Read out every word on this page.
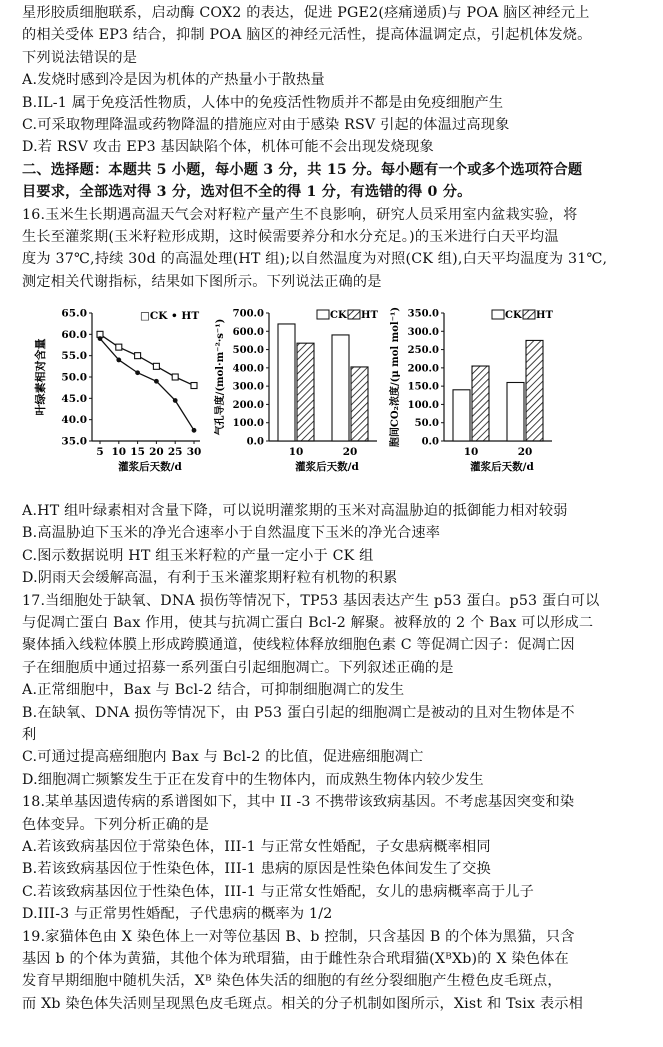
星形胶质细胞联系，启动酶 COX2 的表达，促进 PGE2(痉痛递质)与 POA 脑区神经元上
的相关受体 EP3 结合，抑制 POA 脑区的神经元活性，提高体温调定点，引起机体发烧。
下列说法错误的是
A.发烧时感到冷是因为机体的产热量小于散热量
B.IL-1 属于免疫活性物质，人体中的免疫活性物质并不都是由免疫细胞产生
C.可采取物理降温或药物降温的措施应对由于感染 RSV 引起的体温过高现象
D.若 RSV 攻击 EP3 基因缺陷个体，机体可能不会出现发烧现象
二、选择题：本题共 5 小题，每小题 3 分，共 15 分。每小题有一个或多个选项符合题
目要求，全部选对得 3 分，选对但不全的得 1 分，有选错的得 0 分。
16.玉米生长期遇高温天气会对籽粒产量产生不良影响，研究人员采用室内盆栽实验，将
生长至灌浆期(玉米籽粒形成期，这时候需要养分和水分充足。)的玉米进行白天平均温
度为 37℃,持续 30d 的高温处理(HT 组);以自然温度为对照(CK 组),白天平均温度为 31℃,
测定相关代谢指标，结果如下图所示。下列说法正确的是
35.0
40.0
45.0
50.0
55.0
60.0
65.0
5 10 15 20 25 30
灌浆后天数/d
叶绿素相对含量
□CK • HT
0.0
100.0
200.0
300.0
400.0
500.0
600.0
700.0
10	20
灌浆后天数/d
气孔导度/(mol·m⁻²·s⁻¹)
CK HT
0.0
50.0
100.0
150.0
200.0
250.0
300.0
350.0
10	20
灌浆后天数/d
胞间CO₂浓度/(μ mol mol⁻¹)	CK HT
A.HT 组叶绿素相对含量下降，可以说明灌浆期的玉米对高温胁迫的抵御能力相对较弱
B.高温胁迫下玉米的净光合速率小于自然温度下玉米的净光合速率
C.图示数据说明 HT 组玉米籽粒的产量一定小于 CK 组
D.阴雨天会缓解高温，有利于玉米灌浆期籽粒有机物的积累
17.当细胞处于缺氧、DNA 损伤等情况下，TP53 基因表达产生 p53 蛋白。p53 蛋白可以
与促凋亡蛋白 Bax 作用，使其与抗凋亡蛋白 Bcl-2 解聚。被释放的 2 个 Bax 可以形成二
聚体插入线粒体膜上形成跨膜通道，使线粒体释放细胞色素 C 等促凋亡因子：促凋亡因
子在细胞质中通过招募一系列蛋白引起细胞凋亡。下列叙述正确的是
A.正常细胞中，Bax 与 Bcl-2 结合，可抑制细胞凋亡的发生
B.在缺氧、DNA 损伤等情况下，由 P53 蛋白引起的细胞凋亡是被动的且对生物体是不
利
C.可通过提高癌细胞内 Bax 与 Bcl-2 的比值，促进癌细胞凋亡
D.细胞凋亡频繁发生于正在发育中的生物体内，而成熟生物体内较少发生
18.某单基因遗传病的系谱图如下，其中 II -3 不携带该致病基因。不考虑基因突变和染
色体变异。下列分析正确的是
A.若该致病基因位于常染色体，III-1 与正常女性婚配，子女患病概率相同
B.若该致病基因位于性染色体，III-1 患病的原因是性染色体间发生了交换
C.若该致病基因位于性染色体，III-1 与正常女性婚配，女儿的患病概率高于儿子
D.III-3 与正常男性婚配，子代患病的概率为 1/2
19.家猫体色由 X 染色体上一对等位基因 B、b 控制，只含基因 B 的个体为黑猫，只含
基因 b 的个体为黄猫，其他个体为玳瑁猫，由于雌性杂合玳瑁猫(XᴮXb)的 X 染色体在
发育早期细胞中随机失活，Xᴮ 染色体失活的细胞的有丝分裂细胞产生橙色皮毛斑点，
而 Xb 染色体失活则呈现黑色皮毛斑点。相关的分子机制如图所示，Xist 和 Tsix 表示相
